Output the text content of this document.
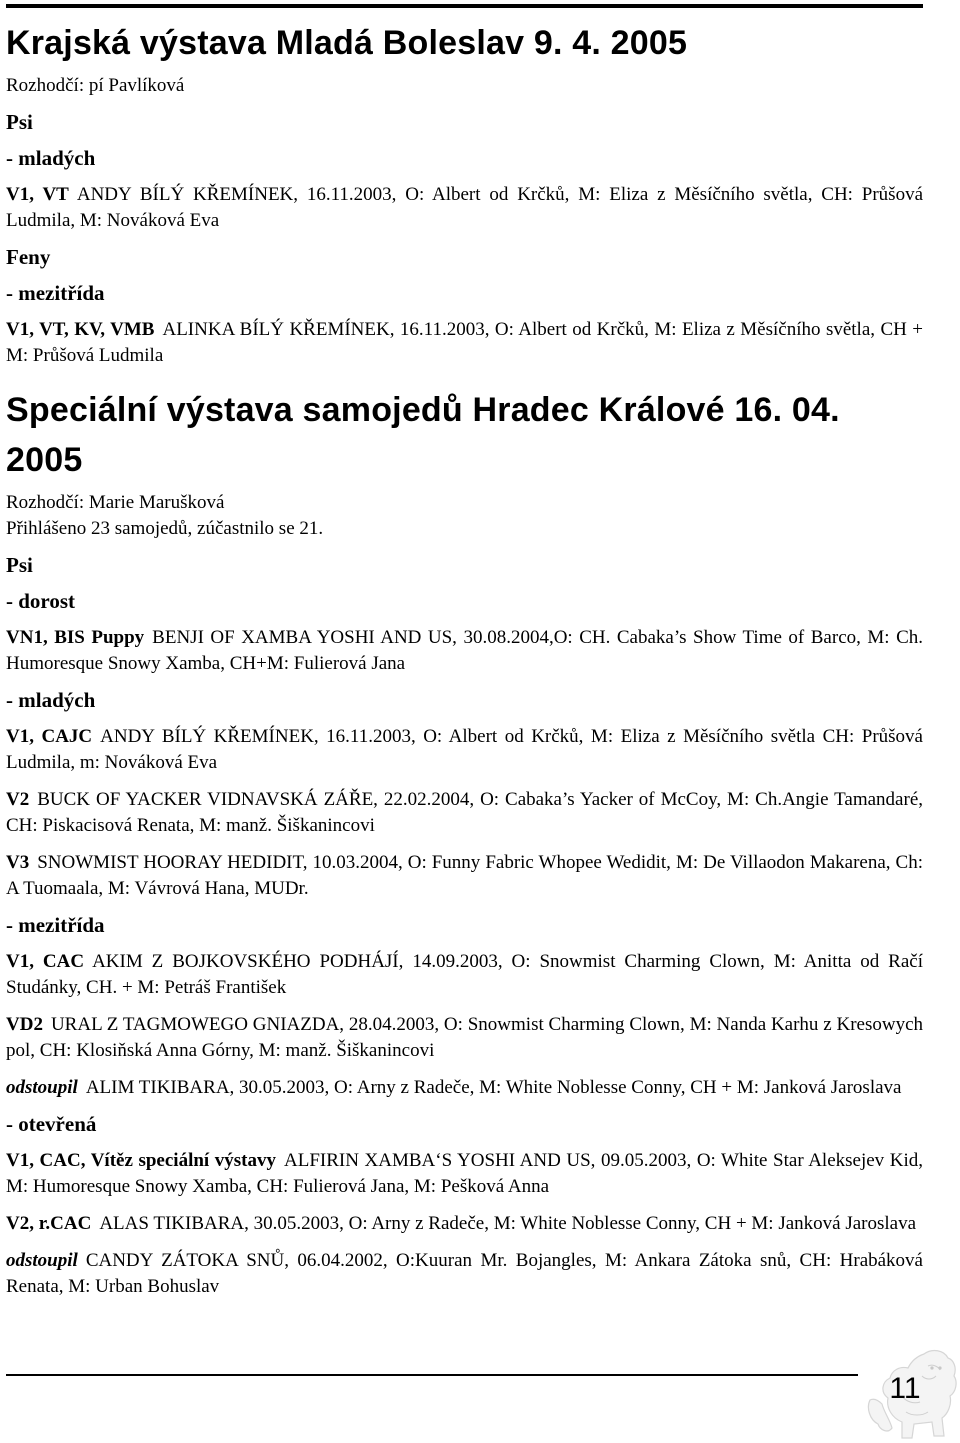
Krajská výstava Mladá Boleslav 9. 4. 2005

Rozhodčí: pí Pavlíková

Psi

- mladých

V1, VT ANDY BÍLÝ KŘEMÍNEK, 16.11.2003, O: Albert od Krčků, M: Eliza z Měsíčního světla, CH: Průšová Ludmila, M: Nováková Eva

Feny

- mezitřída

V1, VT, KV, VMB ALINKA BÍLÝ KŘEMÍNEK, 16.11.2003, O: Albert od Krčků, M: Eliza z Měsíčního světla, CH + M: Průšová Ludmila

Speciální výstava samojedů Hradec Králové 16. 04. 2005

Rozhodčí: Marie Marušková

Přihlášeno 23 samojedů, zúčastnilo se 21.

Psi

- dorost

VN1, BIS Puppy BENJI OF XAMBA YOSHI AND US, 30.08.2004,O: CH. Cabaka’s Show Time of Barco, M: Ch. Humoresque Snowy Xamba, CH+M: Fulierová Jana

- mladých

V1, CAJC ANDY BÍLÝ KŘEMÍNEK, 16.11.2003, O: Albert od Krčků, M: Eliza z Měsíčního světla CH: Průšová Ludmila, m: Nováková Eva

V2 BUCK OF YACKER VIDNAVSKÁ ZÁŘE, 22.02.2004, O: Cabaka’s Yacker of McCoy, M: Ch.Angie Tamandaré, CH: Piskacisová Renata, M: manž. Šiškanincovi

V3 SNOWMIST HOORAY HEDIDIT, 10.03.2004, O: Funny Fabric Whopee Wedidit, M: De Villaodon Makarena, Ch: A Tuomaala, M: Vávrová Hana, MUDr.

- mezitřída

V1, CAC AKIM Z BOJKOVSKÉHO PODHÁJÍ, 14.09.2003, O: Snowmist Charming Clown, M: Anitta od Račí Studánky, CH. + M: Petráš František

VD2 URAL Z TAGMOWEGO GNIAZDA, 28.04.2003, O: Snowmist Charming Clown, M: Nanda Karhu z Kresowych pol, CH: Klosiňská Anna Górny, M: manž. Šiškanincovi

odstoupil ALIM TIKIBARA, 30.05.2003, O: Arny z Radeče, M: White Noblesse Conny, CH + M: Janková Jaroslava

- otevřená

V1, CAC, Vítěz speciální výstavy ALFIRIN XAMBA‘S YOSHI AND US, 09.05.2003, O: White Star Aleksejev Kid, M: Humoresque Snowy Xamba, CH: Fulierová Jana, M: Pešková Anna

V2, r.CAC ALAS TIKIBARA, 30.05.2003, O: Arny z Radeče, M: White Noblesse Conny, CH + M: Janková Jaroslava

odstoupil CANDY ZÁTOKA SNŮ, 06.04.2002, O:Kuuran Mr. Bojangles, M: Ankara Zátoka snů, CH: Hrabáková Renata, M: Urban Bohuslav

11
